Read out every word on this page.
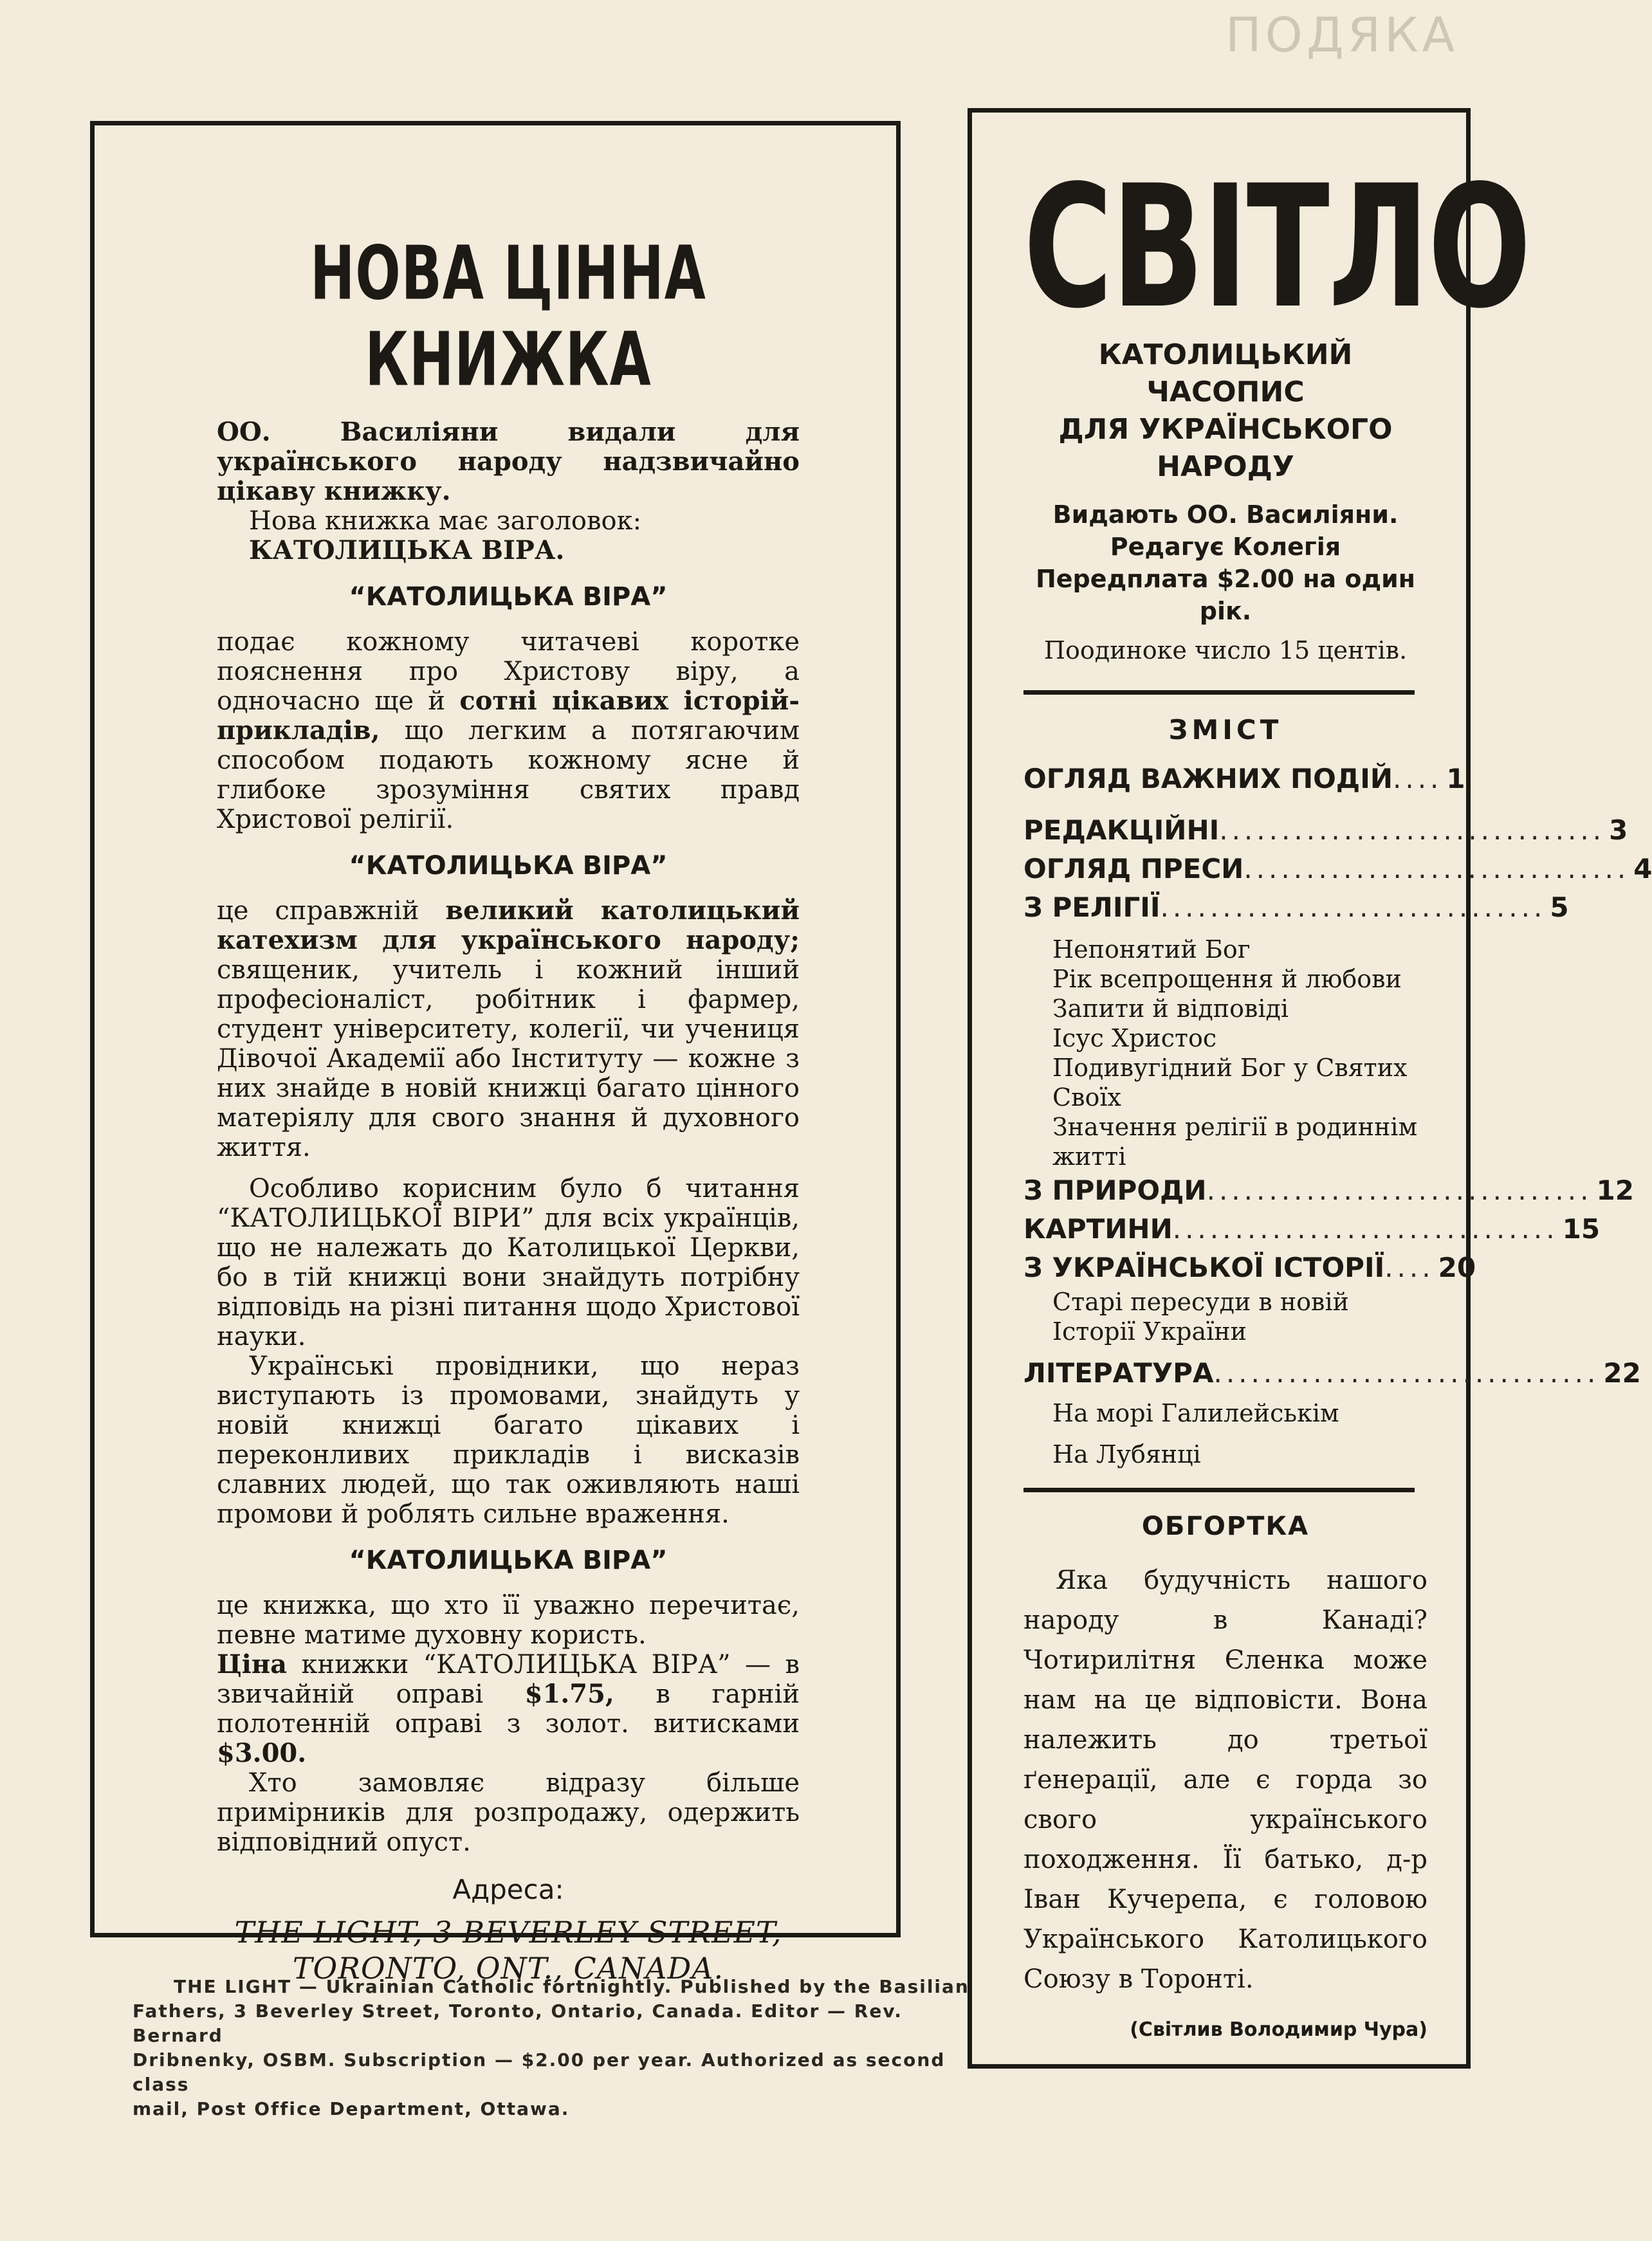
ПОДЯКА
НОВА ЦІННА КНИЖКА

ОО. Василіяни видали для українського народу надзвичайно цікаву книжку.

Нова книжка має заголовок: КАТОЛИЦЬКА ВІРА.

“КАТОЛИЦЬКА ВІРА”

подає кожному читачеві коротке пояснення про Христову віру, а одночасно ще й сотні цікавих історій-прикладів, що легким а потягаючим способом подають кожному ясне й глибоке зрозуміння святих правд Христової релігії.

“КАТОЛИЦЬКА ВІРА”

це справжній великий католицький катехизм для українського народу; священик, учитель і кожний інший професіоналіст, робітник і фармер, студент університету, колегії, чи учениця Дівочої Академії або Інституту — кожне з них знайде в новій книжці багато цінного матеріялу для свого знання й духовного життя.

Особливо корисним було б читання “КАТОЛИЦЬКОЇ ВІРИ” для всіх українців, що не належать до Католицької Церкви, бо в тій книжці вони знайдуть потрібну відповідь на різні питання щодо Христової науки.

Українські провідники, що нераз виступають із промовами, знайдуть у новій книжці багато цікавих і переконливих прикладів і висказів славних людей, що так оживляють наші промови й роблять сильне враження.

“КАТОЛИЦЬКА ВІРА”

це книжка, що хто її уважно перечитає, певне матиме духовну користь.

Ціна книжки “КАТОЛИЦЬКА ВІРА” — в звичайній оправі $1.75, в гарній полотенній оправі з золот. витисками $3.00.

Хто замовляє відразу більше примірників для розпродажу, одержить відповідний опуст.

Адреса:
THE LIGHT, 3 BEVERLEY STREET,
TORONTO, ONT., CANADA.
СВІТЛО

КАТОЛИЦЬКИЙ ЧАСОПИС

ДЛЯ УКРАЇНСЬКОГО

НАРОДУ

Видають ОО. Василіяни.

Редагує Колегія

Передплата $2.00 на один рік.

Поодиноке число 15 центів.

ЗМІСТ
ОГЛЯД ВАЖНИХ ПОДІЙ .... 1
РЕДАКЦІЙНІ ............................... 3
ОГЛЯД ПРЕСИ ............................... 4
З РЕЛІГІЇ ............................... 5
Непонятий Бог
Рік всепрощення й любови
Запити й відповіді
Ісус Христос
Подивугідний Бог у Святих Своїх
Значення релігії в родиннім житті
З ПРИРОДИ ............................... 12
КАРТИНИ ............................... 15
З УКРАЇНСЬКОЇ ІСТОРІЇ .... 20
Старі пересуди в новій Історії України
ЛІТЕРАТУРА ............................... 22
На морі Галилейськім
На Лубянці
ОБГОРТКА

Яка будучність нашого народу в Канаді? Чотирилітня Єленка може нам на це відповісти. Вона належить до третьої ґенерації, але є горда зо свого українського походження. Її батько, д-р Іван Кучерепа, є головою Українського Католицького Союзу в Торонті.

(Світлив Володимир Чура)
THE LIGHT — Ukrainian Catholic fortnightly. Published by the Basilian
Fathers, 3 Beverley Street, Toronto, Ontario, Canada. Editor — Rev. Bernard
Dribnenky, OSBM. Subscription — $2.00 per year. Authorized as second class
mail, Post Office Department, Ottawa.
